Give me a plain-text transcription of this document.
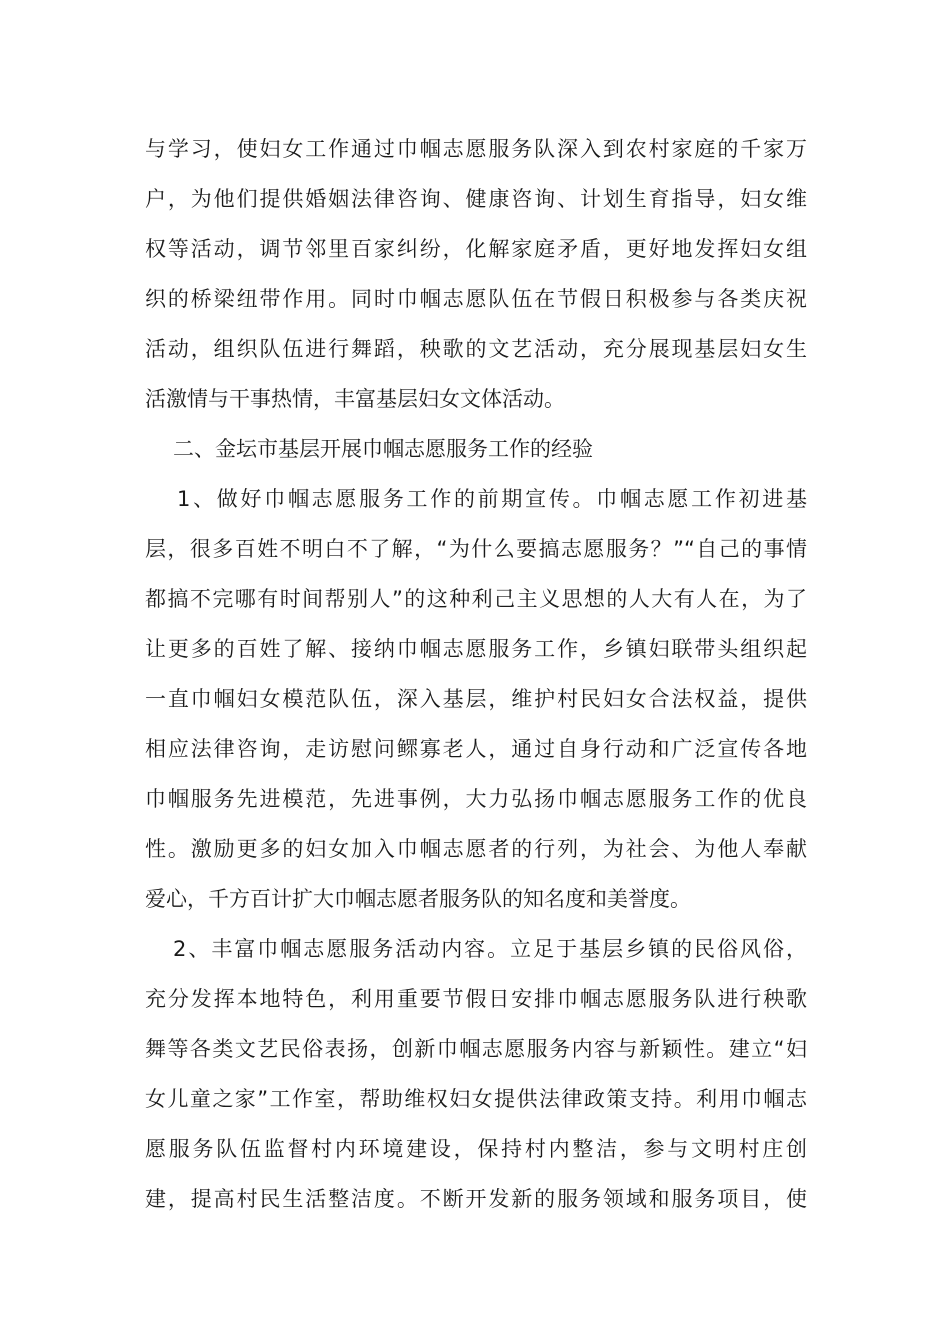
与学习，使妇女工作通过巾帼志愿服务队深入到农村家庭的千家万
户，为他们提供婚姻法律咨询、健康咨询、计划生育指导，妇女维
权等活动，调节邻里百家纠纷，化解家庭矛盾，更好地发挥妇女组
织的桥梁纽带作用。同时巾帼志愿队伍在节假日积极参与各类庆祝
活动，组织队伍进行舞蹈，秧歌的文艺活动，充分展现基层妇女生
活激情与干事热情，丰富基层妇女文体活动。
二、金坛市基层开展巾帼志愿服务工作的经验
1、做好巾帼志愿服务工作的前期宣传。巾帼志愿工作初进基
层，很多百姓不明白不了解，“为什么要搞志愿服务？”“自己的事情
都搞不完哪有时间帮别人”的这种利己主义思想的人大有人在，为了
让更多的百姓了解、接纳巾帼志愿服务工作，乡镇妇联带头组织起
一直巾帼妇女模范队伍，深入基层，维护村民妇女合法权益，提供
相应法律咨询，走访慰问鳏寡老人，通过自身行动和广泛宣传各地
巾帼服务先进模范，先进事例，大力弘扬巾帼志愿服务工作的优良
性。激励更多的妇女加入巾帼志愿者的行列，为社会、为他人奉献
爱心，千方百计扩大巾帼志愿者服务队的知名度和美誉度。
2、丰富巾帼志愿服务活动内容。立足于基层乡镇的民俗风俗，
充分发挥本地特色，利用重要节假日安排巾帼志愿服务队进行秧歌
舞等各类文艺民俗表扬，创新巾帼志愿服务内容与新颖性。建立“妇
女儿童之家”工作室，帮助维权妇女提供法律政策支持。利用巾帼志
愿服务队伍监督村内环境建设，保持村内整洁，参与文明村庄创
建，提高村民生活整洁度。不断开发新的服务领域和服务项目，使
